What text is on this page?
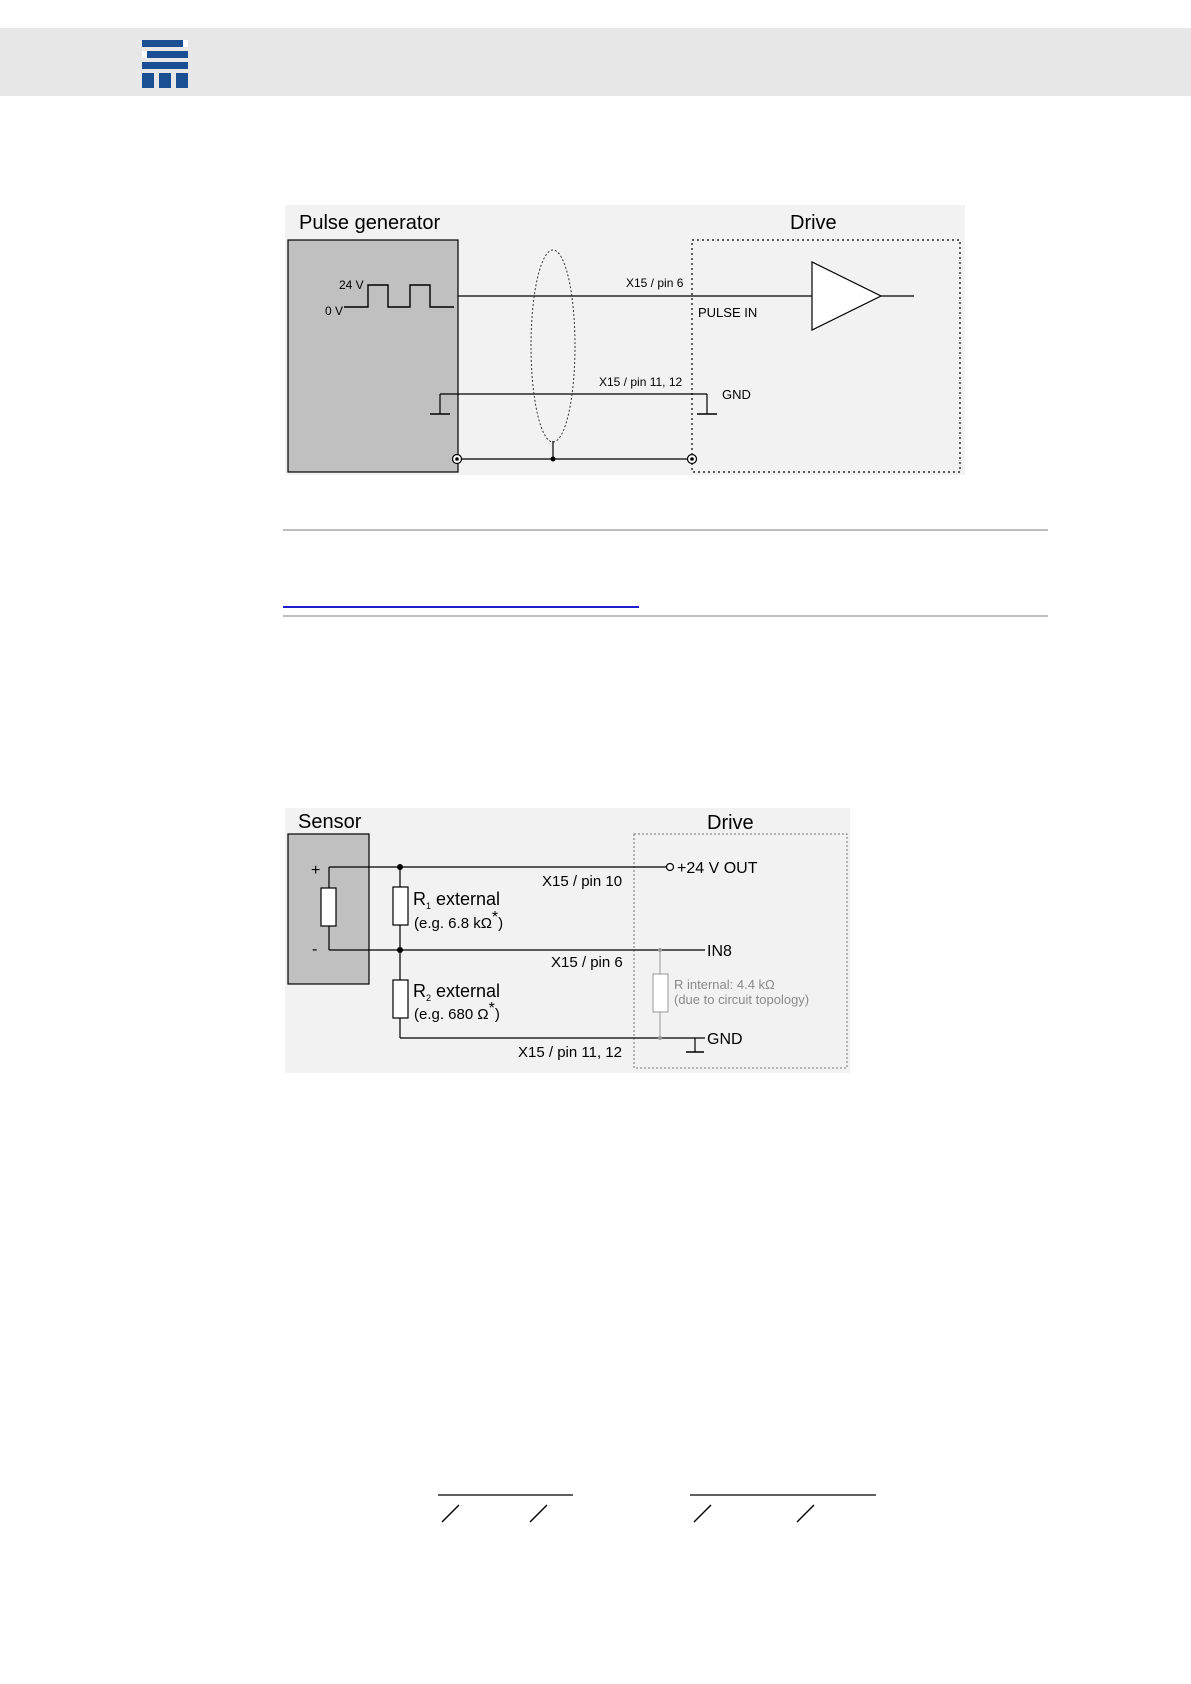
Pulse generator	Drive
24 V
0 V
X15 / pin 6
PULSE IN
X15 / pin 11, 12
GND
Sensor	Drive
+
-
+24 V OUT
X15 / pin 10
IN8
X15 / pin 6
$R_1$ external
(e.g. 6.8 kΩ*)
$R_2$ external
(e.g. 680 Ω*)
GND
X15 / pin 11, 12
R internal: 4.4 kΩ
(due to circuit topology)
